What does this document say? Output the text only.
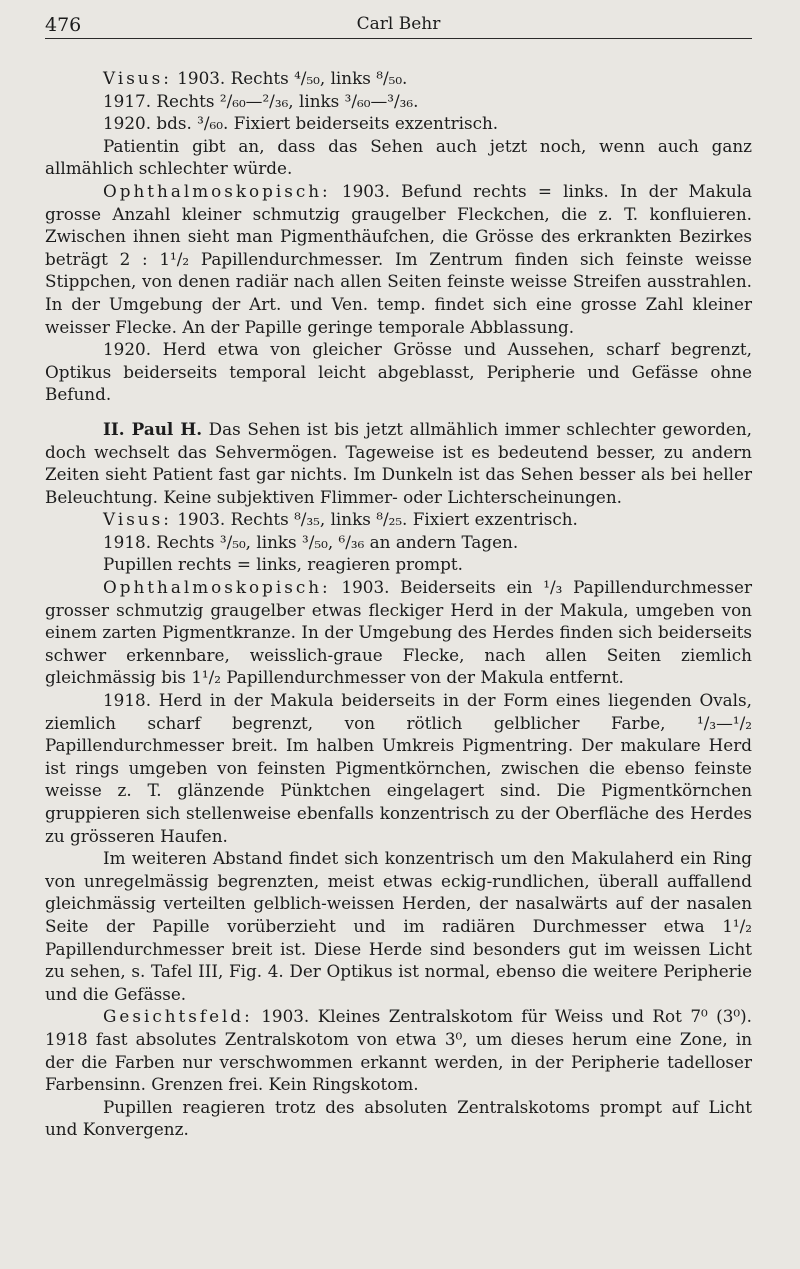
476	Carl Behr

Visus: 1903. Rechts ⁴/₅₀, links ⁸/₅₀.

1917. Rechts ²/₆₀—²/₃₆, links ³/₆₀—³/₃₆.

1920. bds. ³/₆₀. Fixiert beiderseits exzentrisch.

Patientin gibt an, dass das Sehen auch jetzt noch, wenn auch ganz allmählich schlechter würde.

Ophthalmoskopisch: 1903. Befund rechts = links. In der Makula grosse Anzahl kleiner schmutzig graugelber Fleckchen, die z. T. konfluieren. Zwischen ihnen sieht man Pigmenthäufchen, die Grösse des erkrankten Bezirkes beträgt 2 : 1¹/₂ Papillendurchmesser. Im Zentrum finden sich feinste weisse Stippchen, von denen radiär nach allen Seiten feinste weisse Streifen ausstrahlen. In der Umgebung der Art. und Ven. temp. findet sich eine grosse Zahl kleiner weisser Flecke. An der Papille geringe temporale Abblassung.

1920. Herd etwa von gleicher Grösse und Aussehen, scharf begrenzt, Optikus beiderseits temporal leicht abgeblasst, Peripherie und Gefässe ohne Befund.

II. Paul H. Das Sehen ist bis jetzt allmählich immer schlechter geworden, doch wechselt das Sehvermögen. Tageweise ist es bedeutend besser, zu andern Zeiten sieht Patient fast gar nichts. Im Dunkeln ist das Sehen besser als bei heller Beleuchtung. Keine subjektiven Flimmer- oder Lichterscheinungen.

Visus: 1903. Rechts ⁸/₃₅, links ⁸/₂₅. Fixiert exzentrisch.

1918. Rechts ³/₅₀, links ³/₅₀, ⁶/₃₆ an andern Tagen.

Pupillen rechts = links, reagieren prompt.

Ophthalmoskopisch: 1903. Beiderseits ein ¹/₃ Papillendurchmesser grosser schmutzig graugelber etwas fleckiger Herd in der Makula, umgeben von einem zarten Pigmentkranze. In der Umgebung des Herdes finden sich beiderseits schwer erkennbare, weisslich-graue Flecke, nach allen Seiten ziemlich gleichmässig bis 1¹/₂ Papillendurchmesser von der Makula entfernt.

1918. Herd in der Makula beiderseits in der Form eines liegenden Ovals, ziemlich scharf begrenzt, von rötlich gelblicher Farbe, ¹/₃—¹/₂ Papillendurchmesser breit. Im halben Umkreis Pigmentring. Der makulare Herd ist rings umgeben von feinsten Pigmentkörnchen, zwischen die ebenso feinste weisse z. T. glänzende Pünktchen eingelagert sind. Die Pigmentkörnchen gruppieren sich stellenweise ebenfalls konzentrisch zu der Oberfläche des Herdes zu grösseren Haufen.

Im weiteren Abstand findet sich konzentrisch um den Makulaherd ein Ring von unregelmässig begrenzten, meist etwas eckig-rundlichen, überall auffallend gleichmässig verteilten gelblich-weissen Herden, der nasalwärts auf der nasalen Seite der Papille vorüberzieht und im radiären Durchmesser etwa 1¹/₂ Papillendurchmesser breit ist. Diese Herde sind besonders gut im weissen Licht zu sehen, s. Tafel III, Fig. 4. Der Optikus ist normal, ebenso die weitere Peripherie und die Gefässe.

Gesichtsfeld: 1903. Kleines Zentralskotom für Weiss und Rot 7⁰ (3⁰). 1918 fast absolutes Zentralskotom von etwa 3⁰, um dieses herum eine Zone, in der die Farben nur verschwommen erkannt werden, in der Peripherie tadelloser Farbensinn. Grenzen frei. Kein Ringskotom.

Pupillen reagieren trotz des absoluten Zentralskotoms prompt auf Licht und Konvergenz.
